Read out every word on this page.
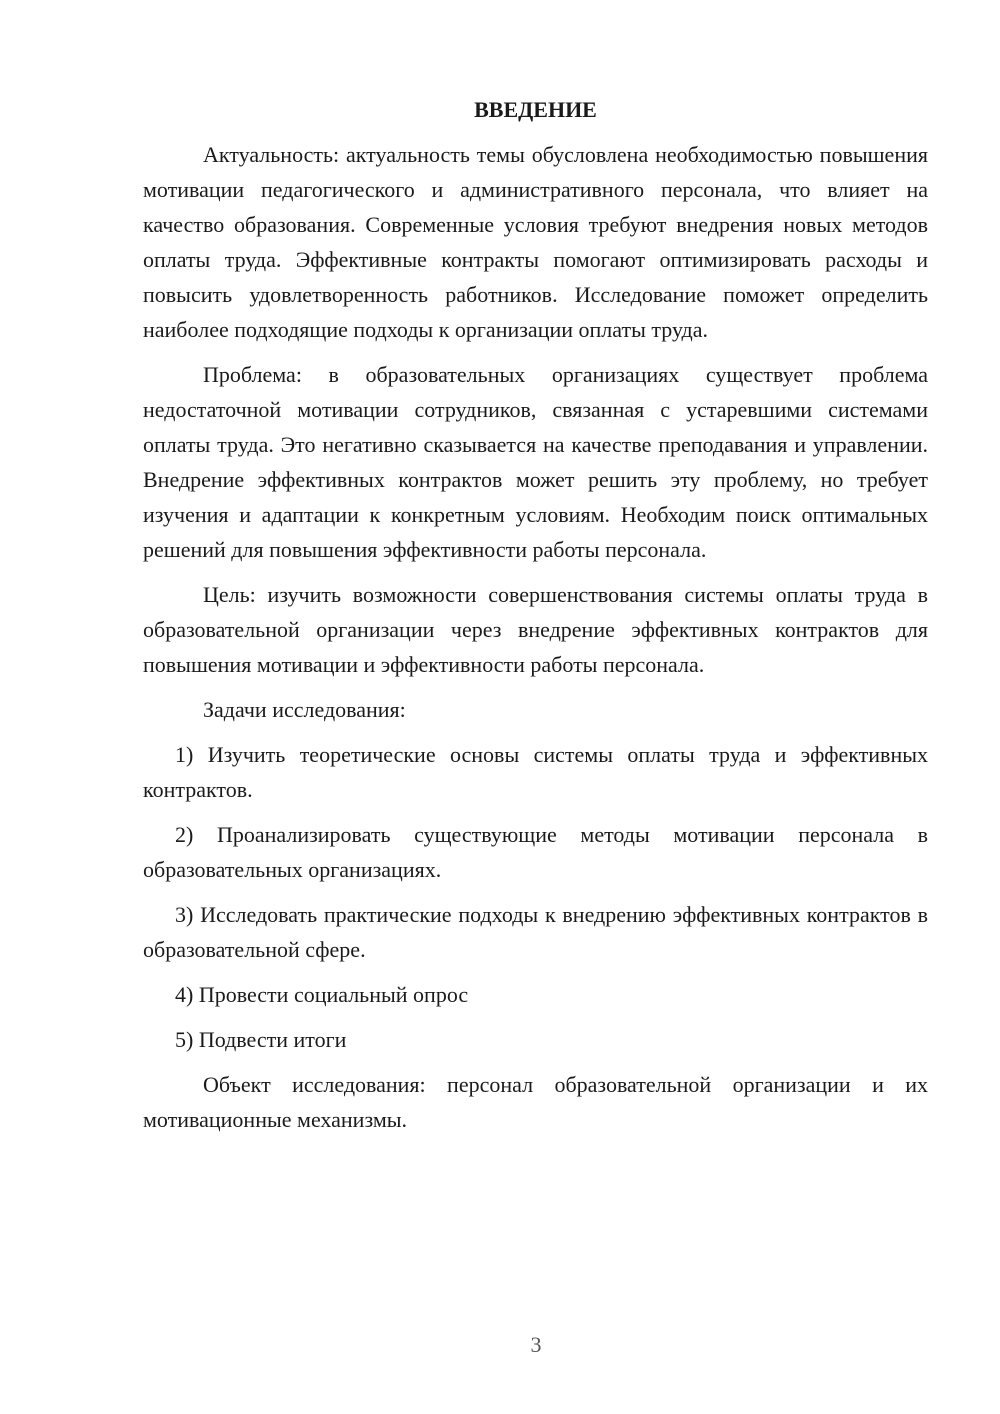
ВВЕДЕНИЕ

Актуальность: актуальность темы обусловлена необходимостью повышения мотивации педагогического и административного персонала, что влияет на качество образования. Современные условия требуют внедрения новых методов оплаты труда. Эффективные контракты помогают оптимизировать расходы и повысить удовлетворенность работников. Исследование поможет определить наиболее подходящие подходы к организации оплаты труда.

Проблема: в образовательных организациях существует проблема недостаточной мотивации сотрудников, связанная с устаревшими системами оплаты труда. Это негативно сказывается на качестве преподавания и управлении. Внедрение эффективных контрактов может решить эту проблему, но требует изучения и адаптации к конкретным условиям. Необходим поиск оптимальных решений для повышения эффективности работы персонала.

Цель: изучить возможности совершенствования системы оплаты труда в образовательной организации через внедрение эффективных контрактов для повышения мотивации и эффективности работы персонала.

Задачи исследования:

1) Изучить теоретические основы системы оплаты труда и эффективных контрактов.

2) Проанализировать существующие методы мотивации персонала в образовательных организациях.

3) Исследовать практические подходы к внедрению эффективных контрактов в образовательной сфере.

4) Провести социальный опрос

5) Подвести итоги

Объект исследования: персонал образовательной организации и их мотивационные механизмы.

3
